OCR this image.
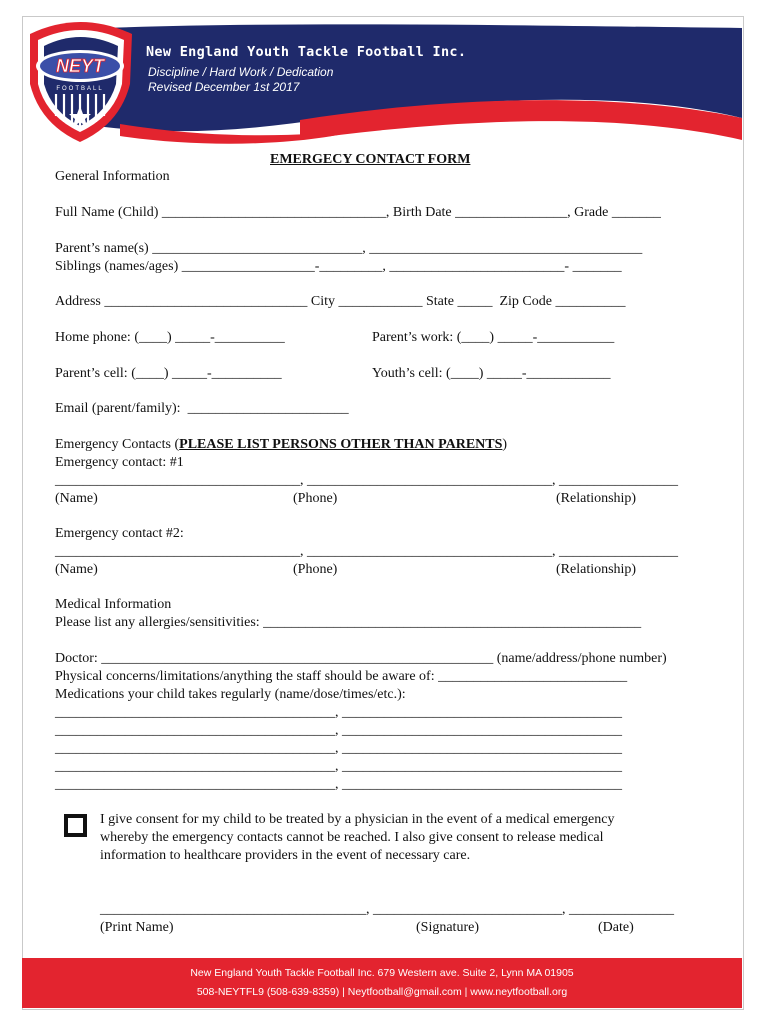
NEYT
FOOTBALL
New England Youth Tackle Football Inc.
Discipline / Hard Work / Dedication
Revised December 1st 2017
EMERGECY CONTACT FORM
General Information
Full Name (Child) ________________________________, Birth Date ________________, Grade _______
Parent’s name(s) ______________________________, _______________________________________
Siblings (names/ages) ___________________-_________, _________________________- _______
Address _____________________________ City ____________ State _____  Zip Code __________
Home phone: (____) _____-__________	Parent’s work: (____) _____-___________
Parent’s cell: (____) _____-__________	Youth’s cell: (____) _____-____________
Email (parent/family):  _______________________
Emergency Contacts (PLEASE LIST PERSONS OTHER THAN PARENTS)
Emergency contact: #1
___________________________________, ___________________________________, _________________
(Name)	(Phone)	(Relationship)
Emergency contact #2:
___________________________________, ___________________________________, _________________
(Name)	(Phone)	(Relationship)
Medical Information
Please list any allergies/sensitivities: ______________________________________________________
Doctor: ________________________________________________________ (name/address/phone number)
Physical concerns/limitations/anything the staff should be aware of: ___________________________
Medications your child takes regularly (name/dose/times/etc.):
________________________________________, ________________________________________
________________________________________, ________________________________________
________________________________________, ________________________________________
________________________________________, ________________________________________
________________________________________, ________________________________________
I give consent for my child to be treated by a physician in the event of a medical emergency
whereby the emergency contacts cannot be reached. I also give consent to release medical
information to healthcare providers in the event of necessary care.
______________________________________, ___________________________, _______________
(Print Name)	(Signature)	(Date)
New England Youth Tackle Football Inc. 679 Western ave. Suite 2, Lynn MA 01905
508-NEYTFL9 (508-639-8359) | Neytfootball@gmail.com | www.neytfootball.org
